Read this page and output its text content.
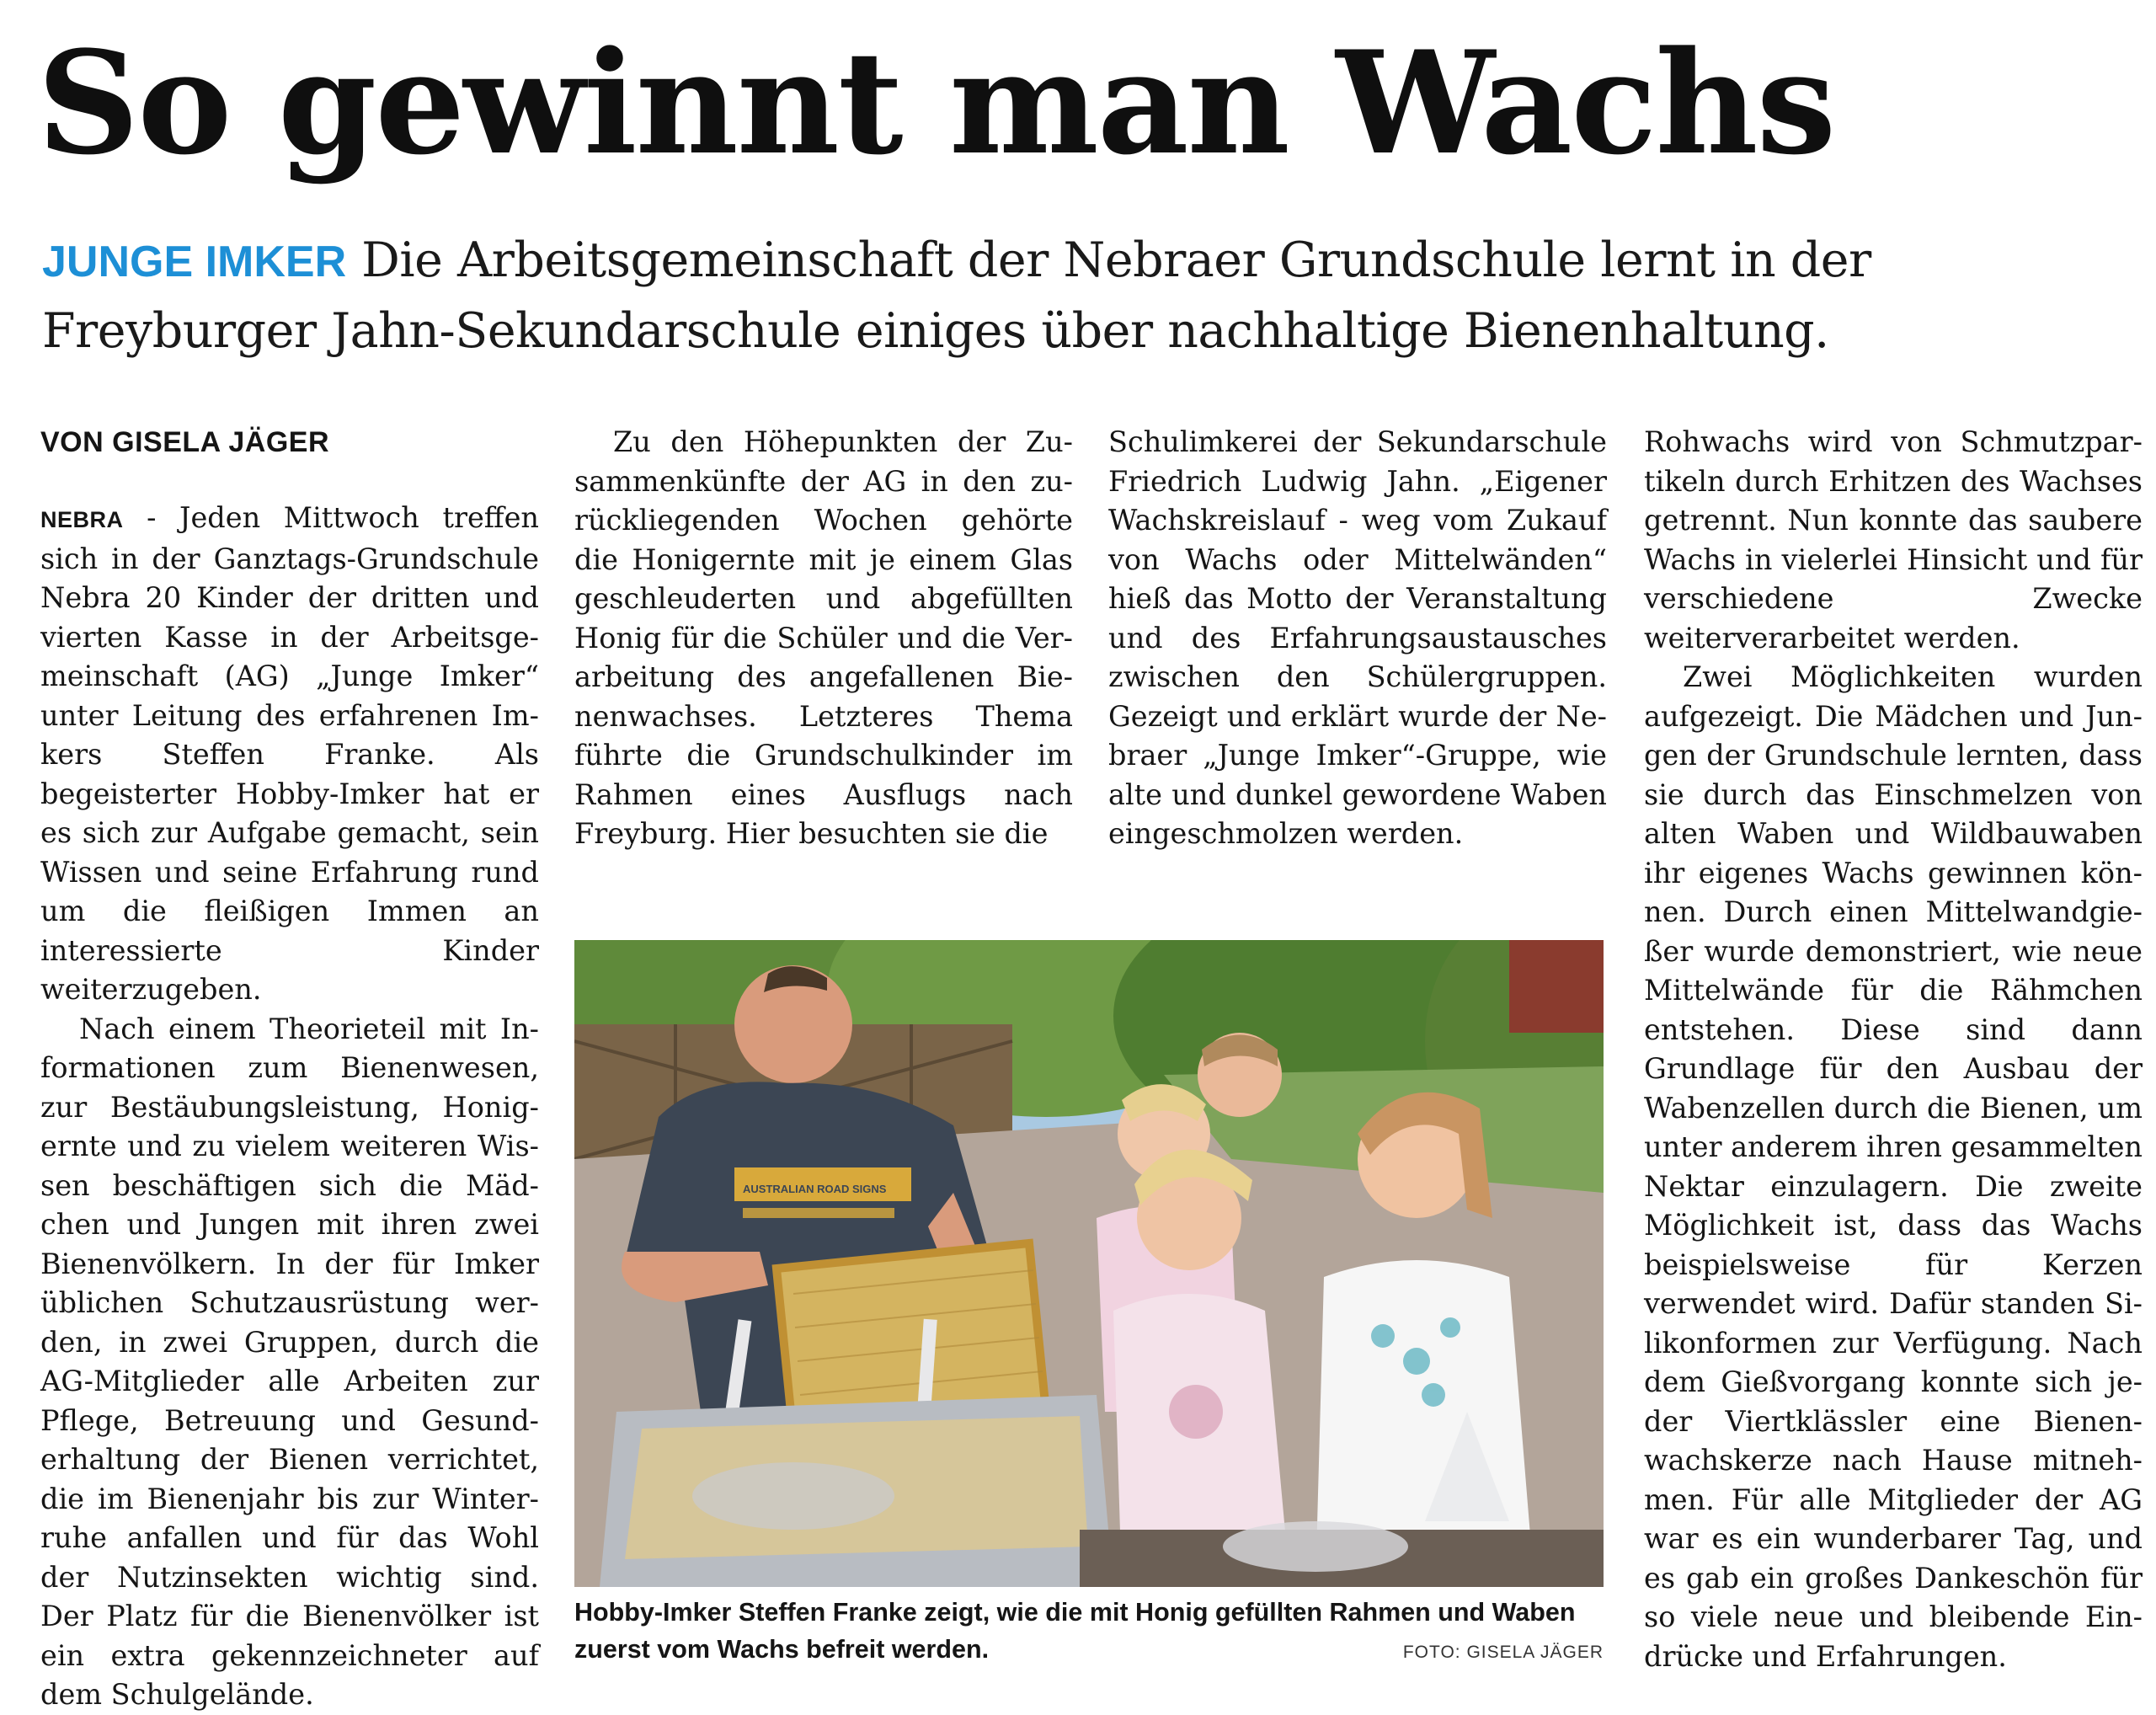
So gewinnt man Wachs

JUNGE IMKER Die Arbeitsgemeinschaft der Nebraer Grundschule lernt in der Freyburger Jahn-Sekundarschule einiges über nachhaltige Bienenhaltung.

VON GISELA JÄGER

NEBRA - Jeden Mittwoch treffen sich in der Ganztags-Grundschule Nebra 20 Kinder der dritten und vierten Kasse in der Arbeitsgemeinschaft (AG) „Junge Imker“ unter Leitung des erfahrenen Imkers Steffen Franke. Als begeisterter Hobby-Imker hat er es sich zur Aufgabe gemacht, sein Wissen und seine Erfahrung rund um die fleißigen Immen an interessierte Kinder weiterzugeben.

Nach einem Theorieteil mit Informationen zum Bienenwesen, zur Bestäubungsleistung, Honigernte und zu vielem weiteren Wissen beschäftigen sich die Mädchen und Jungen mit ihren zwei Bienenvölkern. In der für Imker üblichen Schutzausrüstung werden, in zwei Gruppen, durch die AG-Mitglieder alle Arbeiten zur Pflege, Betreuung und Gesunderhaltung der Bienen verrichtet, die im Bienenjahr bis zur Winterruhe anfallen und für das Wohl der Nutzinsekten wichtig sind. Der Platz für die Bienenvölker ist ein extra gekennzeichneter auf dem Schulgelände.

Zu den Höhepunkten der Zusammenkünfte der AG in den zurückliegenden Wochen gehörte die Honigernte mit je einem Glas geschleuderten und abgefüllten Honig für die Schüler und die Verarbeitung des angefallenen Bienenwachses. Letzteres Thema führte die Grundschulkinder im Rahmen eines Ausflugs nach Freyburg. Hier besuchten sie die

Schulimkerei der Sekundarschule Friedrich Ludwig Jahn. „Eigener Wachskreislauf - weg vom Zukauf von Wachs oder Mittelwänden“ hieß das Motto der Veranstaltung und des Erfahrungsaustausches zwischen den Schülergruppen. Gezeigt und erklärt wurde der Nebraer „Junge Imker“-Gruppe, wie alte und dunkel gewordene Waben eingeschmolzen werden.

Rohwachs wird von Schmutzpartikeln durch Erhitzen des Wachses getrennt. Nun konnte das saubere Wachs in vielerlei Hinsicht und für verschiedene Zwecke weiterverarbeitet werden.

Zwei Möglichkeiten wurden aufgezeigt. Die Mädchen und Jungen der Grundschule lernten, dass sie durch das Einschmelzen von alten Waben und Wildbauwaben ihr eigenes Wachs gewinnen können. Durch einen Mittelwandgießer wurde demonstriert, wie neue Mittelwände für die Rähmchen entstehen. Diese sind dann Grundlage für den Ausbau der Wabenzellen durch die Bienen, um unter anderem ihren gesammelten Nektar einzulagern. Die zweite Möglichkeit ist, dass das Wachs beispielsweise für Kerzen verwendet wird. Dafür standen Silikonformen zur Verfügung. Nach dem Gießvorgang konnte sich jeder Viertklässler eine Bienenwachskerze nach Hause mitnehmen. Für alle Mitglieder der AG war es ein wunderbarer Tag, und es gab ein großes Dankeschön für so viele neue und bleibende Eindrücke und Erfahrungen.

AUSTRALIAN ROAD SIGNS
Hobby-Imker Steffen Franke zeigt, wie die mit Honig gefüllten Rahmen und Waben zuerst vom Wachs befreit werden.	FOTO: GISELA JÄGER
